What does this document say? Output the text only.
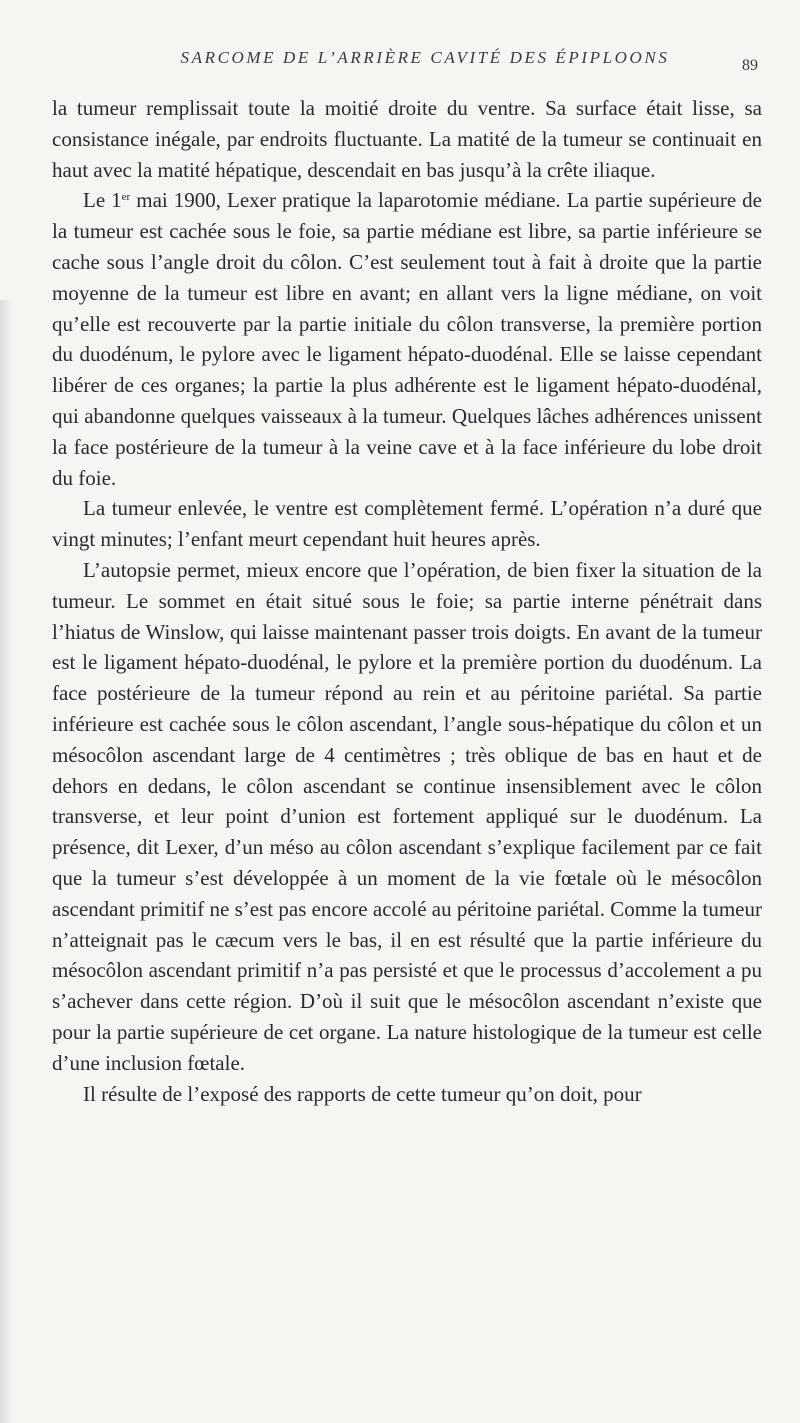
SARCOME DE L’ARRIÈRE CAVITÉ DES ÉPIPLOONS	89

la tumeur remplissait toute la moitié droite du ventre. Sa surface était lisse, sa consistance inégale, par endroits fluctuante. La matité de la tumeur se continuait en haut avec la matité hépatique, descendait en bas jusqu’à la crête iliaque.

Le 1er mai 1900, Lexer pratique la laparotomie médiane. La partie supérieure de la tumeur est cachée sous le foie, sa partie médiane est libre, sa partie inférieure se cache sous l’angle droit du côlon. C’est seulement tout à fait à droite que la partie moyenne de la tumeur est libre en avant; en allant vers la ligne médiane, on voit qu’elle est recouverte par la partie initiale du côlon transverse, la première portion du duodénum, le pylore avec le ligament hépato-duodénal. Elle se laisse cependant libérer de ces organes; la partie la plus adhérente est le ligament hépato-duodénal, qui abandonne quelques vaisseaux à la tumeur. Quelques lâches adhérences unissent la face postérieure de la tumeur à la veine cave et à la face inférieure du lobe droit du foie.

La tumeur enlevée, le ventre est complètement fermé. L’opération n’a duré que vingt minutes; l’enfant meurt cependant huit heures après.

L’autopsie permet, mieux encore que l’opération, de bien fixer la situation de la tumeur. Le sommet en était situé sous le foie; sa partie interne pénétrait dans l’hiatus de Winslow, qui laisse maintenant passer trois doigts. En avant de la tumeur est le ligament hépato-duodénal, le pylore et la première portion du duodénum. La face postérieure de la tumeur répond au rein et au péritoine pariétal. Sa partie inférieure est cachée sous le côlon ascendant, l’angle sous-hépatique du côlon et un mésocôlon ascendant large de 4 centimètres ; très oblique de bas en haut et de dehors en dedans, le côlon ascendant se continue insensiblement avec le côlon transverse, et leur point d’union est fortement appliqué sur le duodénum. La présence, dit Lexer, d’un méso au côlon ascendant s’explique facilement par ce fait que la tumeur s’est développée à un moment de la vie fœtale où le mésocôlon ascendant primitif ne s’est pas encore accolé au péritoine pariétal. Comme la tumeur n’atteignait pas le cæcum vers le bas, il en est résulté que la partie inférieure du mésocôlon ascendant primitif n’a pas persisté et que le processus d’accolement a pu s’achever dans cette région. D’où il suit que le mésocôlon ascendant n’existe que pour la partie supérieure de cet organe. La nature histologique de la tumeur est celle d’une inclusion fœtale.

Il résulte de l’exposé des rapports de cette tumeur qu’on doit, pour
